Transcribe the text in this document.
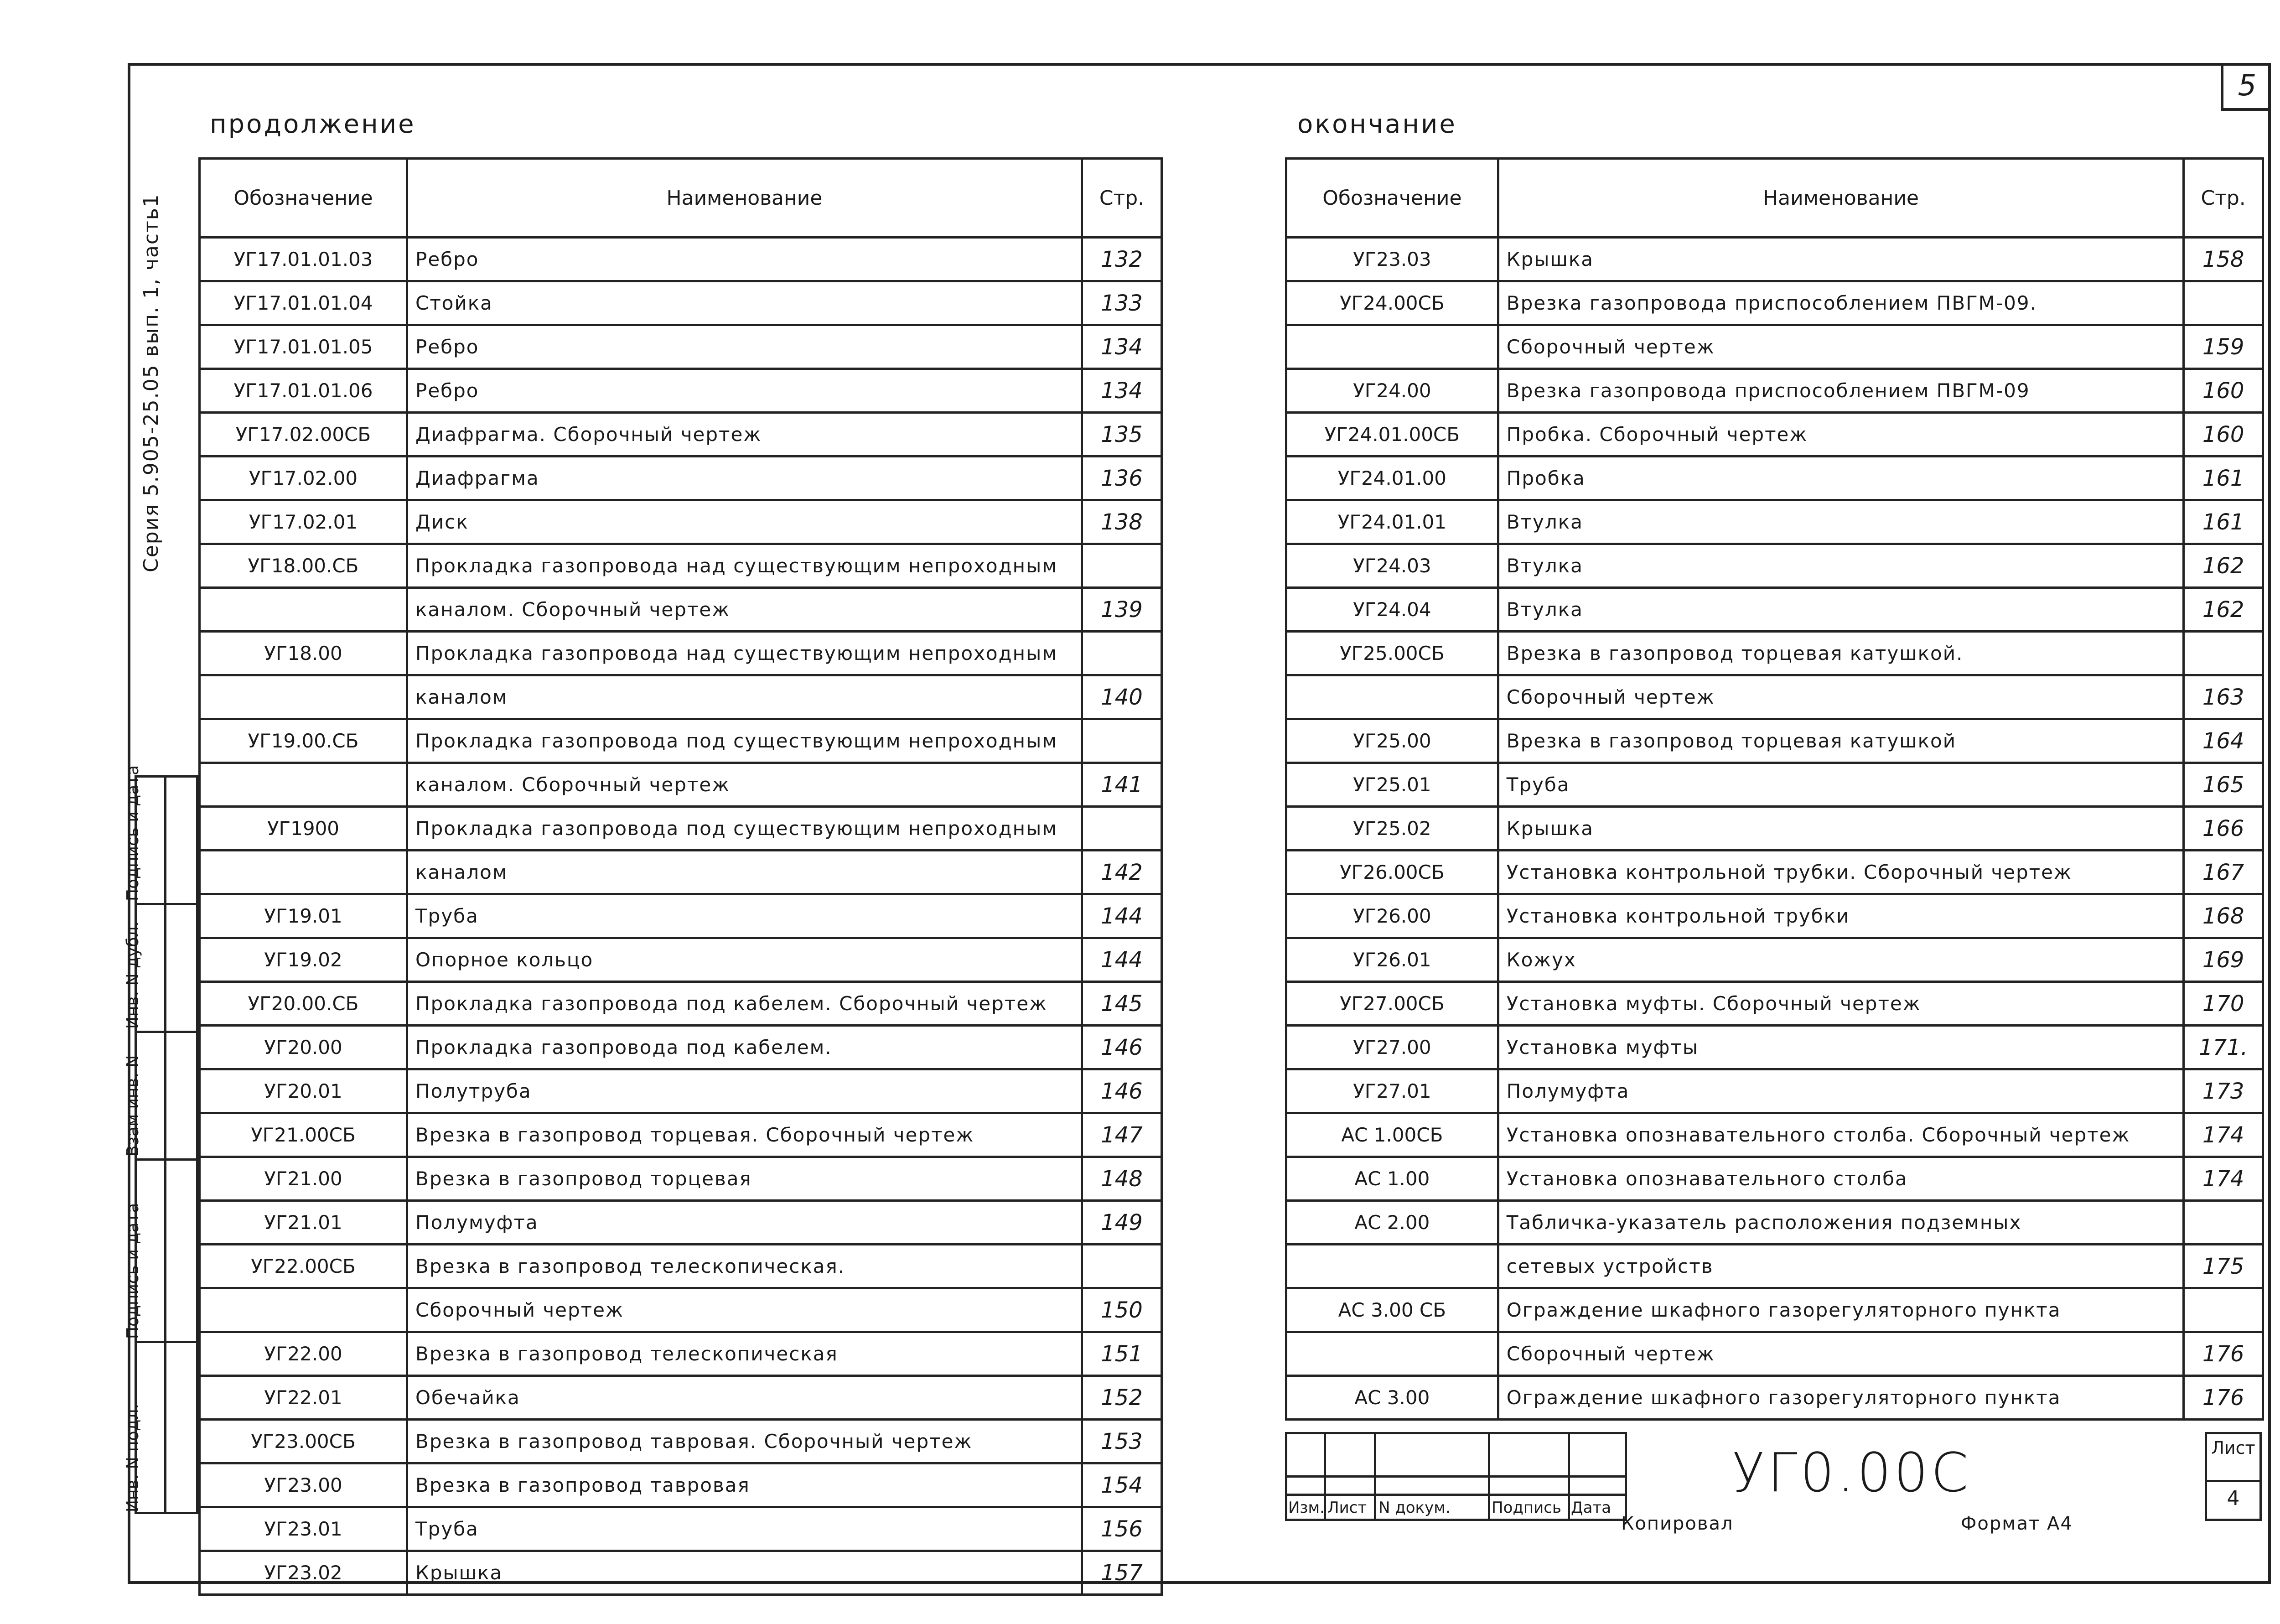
5
Серия 5.905-25.05 вып. 1, часть1
Подпись и дата
Инв. N дубл.
Взам инв. N
Подпись и дата
Инв. N подл.
продолжение
Обозначение	Наименование	Стр.
УГ17.01.01.03	Ребро	132
УГ17.01.01.04	Стойка	133
УГ17.01.01.05	Ребро	134
УГ17.01.01.06	Ребро	134
УГ17.02.00СБ	Диафрагма. Сборочный чертеж	135
УГ17.02.00	Диафрагма	136
УГ17.02.01	Диск	138
УГ18.00.СБ	Прокладка газопровода над существующим непроходным	
	каналом. Сборочный чертеж	139
УГ18.00	Прокладка газопровода над существующим непроходным	
	каналом	140
УГ19.00.СБ	Прокладка газопровода под существующим непроходным	
	каналом. Сборочный чертеж	141
УГ1900	Прокладка газопровода под существующим непроходным	
	каналом	142
УГ19.01	Труба	144
УГ19.02	Опорное кольцо	144
УГ20.00.СБ	Прокладка газопровода под кабелем. Сборочный чертеж	145
УГ20.00	Прокладка газопровода под кабелем.	146
УГ20.01	Полутруба	146
УГ21.00СБ	Врезка в газопровод торцевая. Сборочный чертеж	147
УГ21.00	Врезка в газопровод торцевая	148
УГ21.01	Полумуфта	149
УГ22.00СБ	Врезка в газопровод телескопическая.	
	Сборочный чертеж	150
УГ22.00	Врезка в газопровод телескопическая	151
УГ22.01	Обечайка	152
УГ23.00СБ	Врезка в газопровод тавровая. Сборочный чертеж	153
УГ23.00	Врезка в газопровод тавровая	154
УГ23.01	Труба	156
УГ23.02	Крышка	157
окончание
Обозначение	Наименование	Стр.
УГ23.03	Крышка	158
УГ24.00СБ	Врезка газопровода приспособлением ПВГМ-09.	
	Сборочный чертеж	159
УГ24.00	Врезка газопровода приспособлением ПВГМ-09	160
УГ24.01.00СБ	Пробка. Сборочный чертеж	160
УГ24.01.00	Пробка	161
УГ24.01.01	Втулка	161
УГ24.03	Втулка	162
УГ24.04	Втулка	162
УГ25.00СБ	Врезка в газопровод торцевая катушкой.	
	Сборочный чертеж	163
УГ25.00	Врезка в газопровод торцевая катушкой	164
УГ25.01	Труба	165
УГ25.02	Крышка	166
УГ26.00СБ	Установка контрольной трубки. Сборочный чертеж	167
УГ26.00	Установка контрольной трубки	168
УГ26.01	Кожух	169
УГ27.00СБ	Установка муфты. Сборочный чертеж	170
УГ27.00	Установка муфты	171.
УГ27.01	Полумуфта	173
АС 1.00СБ	Установка опознавательного столба. Сборочный чертеж	174
АС 1.00	Установка опознавательного столба	174
АС 2.00	Табличка-указатель расположения подземных	
	сетевых устройств	175
АС 3.00 СБ	Ограждение шкафного газорегуляторного пункта	
	Сборочный чертеж	176
АС 3.00	Ограждение шкафного газорегуляторного пункта	176
Изм. Лист N докум.	Подпись Дата
УГ0.00С	Лист
4
Копировал	Формат А4
